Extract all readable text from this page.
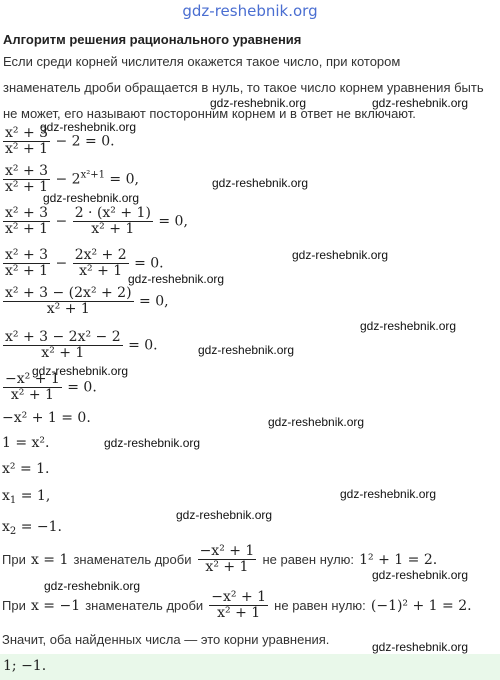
gdz-reshebnik.org
Алгоритм решения рационального уравнения
Если среди корней числителя окажется такое число, при котором
знаменатель дроби обращается в нуль, то такое число корнем уравнения быть
не может, его называют посторонним корнем и в ответ не включают.
$\frac{\text{x² + 3}}{\text{x² + 1}} - 2 = 0$.
$\frac{\text{x² + 3}}{\text{x² + 1}} - 2^{x^2+1} = 0$,
$\frac{\text{x² + 3}}{\text{x² + 1}} - \frac{\text{2 · (x² + 1)}}{\text{x² + 1}} = 0$,
$\frac{\text{x² + 3}}{\text{x² + 1}} - \frac{\text{2x² + 2}}{\text{x² + 1}} = 0$.
$\frac{\text{x² + 3 − (2x² + 2)}}{\text{x² + 1}} = 0$,
$\frac{\text{x² + 3 − 2x² − 2}}{\text{x² + 1}} = 0$.
$\frac{\text{−x² + 1}}{\text{x² + 1}} = 0$.
−x² + 1 = 0.
1 = x².
x² = 1.
$x_1 = 1$,
$x_2 = -1$.
При x = 1 знаменатель дроби $\frac{\text{−x² + 1}}{\text{x² + 1}}$ не равен нулю: 1² + 1 = 2.
При x = −1 знаменатель дроби $\frac{\text{−x² + 1}}{\text{x² + 1}}$ не равен нулю: (−1)² + 1 = 2.
Значит, оба найденных числа — это корни уравнения.
1; −1.
gdz-reshebnik.org	gdz-reshebnik.org
gdz-reshebnik.org
gdz-reshebnik.org
gdz-reshebnik.org
gdz-reshebnik.org
gdz-reshebnik.org
gdz-reshebnik.org
gdz-reshebnik.org
gdz-reshebnik.org
gdz-reshebnik.org
gdz-reshebnik.org
gdz-reshebnik.org
gdz-reshebnik.org
gdz-reshebnik.org
gdz-reshebnik.org
gdz-reshebnik.org
